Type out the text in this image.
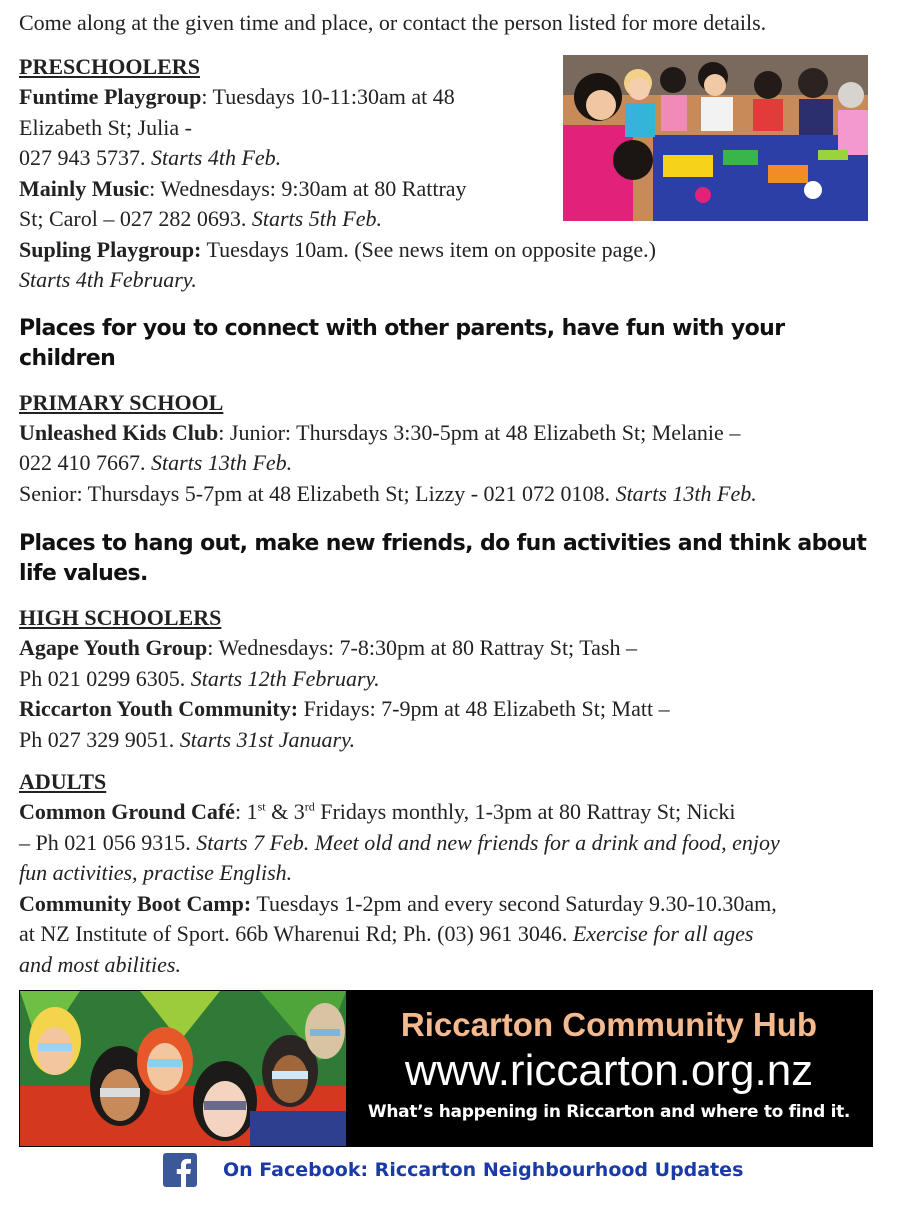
Come along at the given time and place, or contact the person listed for more details.
PRESCHOOLERS
Funtime Playgroup: Tuesdays 10-11:30am at 48
Elizabeth St; Julia -
027 943 5737. Starts 4th Feb.
Mainly Music: Wednesdays: 9:30am at 80 Rattray
St; Carol – 027 282 0693. Starts 5th Feb.
Supling Playgroup: Tuesdays 10am. (See news item on opposite page.)
Starts 4th February.
Places for you to connect with other parents, have fun with your children
PRIMARY SCHOOL
Unleashed Kids Club: Junior: Thursdays 3:30-5pm at 48 Elizabeth St; Melanie –
022 410 7667. Starts 13th Feb.
Senior: Thursdays 5-7pm at 48 Elizabeth St; Lizzy - 021 072 0108. Starts 13th Feb.
Places to hang out, make new friends, do fun activities and think about
life values.
HIGH SCHOOLERS
Agape Youth Group: Wednesdays: 7-8:30pm at 80 Rattray St; Tash –
Ph 021 0299 6305. Starts 12th February.
Riccarton Youth Community: Fridays: 7-9pm at 48 Elizabeth St; Matt –
Ph 027 329 9051. Starts 31st January.
ADULTS
Common Ground Café: 1st & 3rd Fridays monthly, 1-3pm at 80 Rattray St; Nicki
– Ph 021 056 9315. Starts 7 Feb. Meet old and new friends for a drink and food, enjoy
fun activities, practise English.
Community Boot Camp: Tuesdays 1-2pm and every second Saturday 9.30-10.30am,
at NZ Institute of Sport. 66b Wharenui Rd; Ph. (03) 961 3046. Exercise for all ages
and most abilities.
Riccarton Community Hub
www.riccarton.org.nz
What’s happening in Riccarton and where to find it.
On Facebook: Riccarton Neighbourhood Updates
